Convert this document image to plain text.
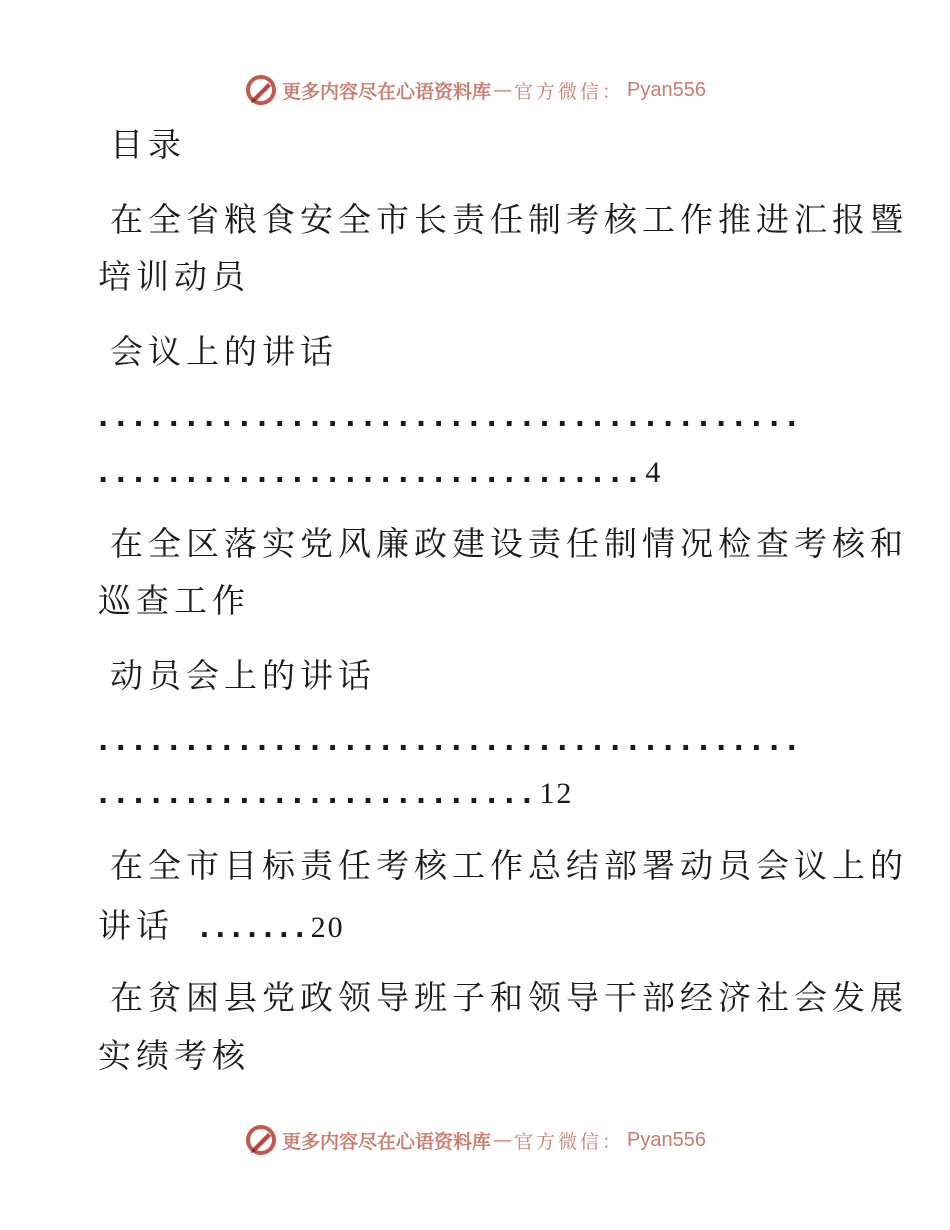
更多内容尽在心语资料库 — 官方微信 ： Pyan556
目录
在全省粮食安全市长责任制考核工作推进汇报暨
培训动员
会议上的讲话
........................................
...............................4
在全区落实党风廉政建设责任制情况检查考核和
巡查工作
动员会上的讲话
........................................
.........................12
在全市目标责任考核工作总结部署动员会议上的
讲话 .......20
在贫困县党政领导班子和领导干部经济社会发展
实绩考核
更多内容尽在心语资料库 — 官方微信 ： Pyan556
